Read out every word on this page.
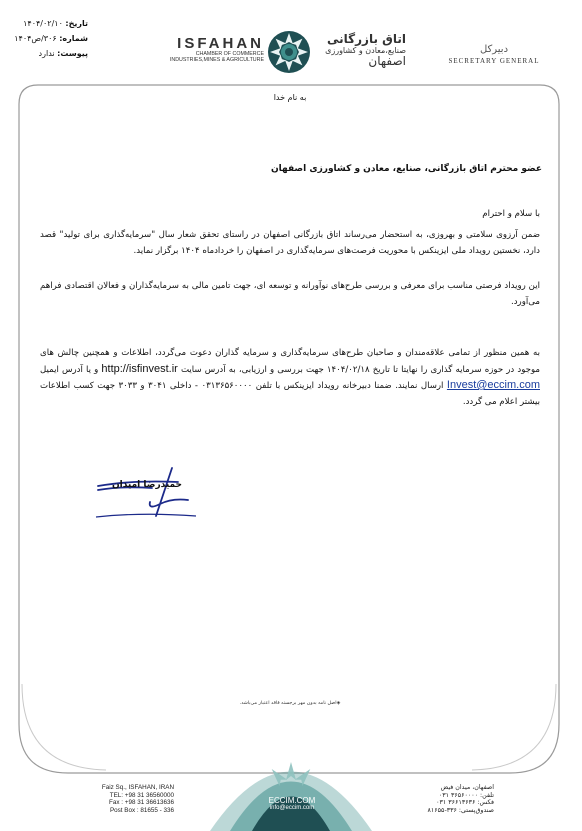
تاریخ: ۱۴۰۴/۰۲/۱۰
شماره: ۳۰۶/ص۱۴۰۴
پیوست: ندارد
ISFAHAN
CHAMBER OF COMMERCE
INDUSTRIES,MINES & AGRICULTURE
اتاق بازرگانی
صنایع،معادن و کشاورزی
اصفهان
دبیرکل
SECRETARY GENERAL
به نام خدا
عضو محترم اتاق بازرگانی، صنایع، معادن و کشاورزی اصفهان
با سلام و احترام
ضمن آرزوی سلامتی و بهروزی، به استحضار می‌رساند اتاق بازرگانی اصفهان در راستای تحقق شعار سال "سرمایه‌گذاری برای تولید" قصد دارد، نخستین رویداد ملی ایزینکس با محوریت فرصت‌های سرمایه‌گذاری در اصفهان را خردادماه ۱۴۰۴ برگزار نماید.
این رویداد فرصتی مناسب برای معرفی و بررسی طرح‌های نوآورانه و توسعه ای، جهت تامین مالی به سرمایه‌گذاران و فعالان اقتصادی فراهم می‌آورد.
به همین منظور از تمامی علاقه‌مندان و صاحبان طرح‌های سرمایه‌گذاری و سرمایه گذاران دعوت می‌گردد، اطلاعات و همچنین چالش های موجود در حوزه سرمایه گذاری را نهایتا تا تاریخ ۱۴۰۴/۰۲/۱۸ جهت بررسی و ارزیابی، به آدرس سایت http://isfinvest.ir و یا آدرس ایمیل Invest@eccim.com ارسال نمایند. ضمنا دبیرخانه رویداد ایزینکس با تلفن ۰۳۱۳۶۵۶۰۰۰۰ - داخلی ۳۰۴۱ و ۳۰۳۳ جهت کسب اطلاعات بیشتر اعلام می گردد.
حمیدرضا امیدان
◈اصل نامه بدون مهر برجسته فاقد اعتبار می‌باشد.
ECCIM.COM
info@eccim.com
Faiz Sq., ISFAHAN, IRAN
TEL: +98 31 36560000
Fax : +98 31 36613636
Post Box : 81655 - 336
اصفهان، میدان فیض
تلفن: ۳۶۵۶۰۰۰۰ ۰۳۱
فکس: ۳۶۶۱۳۶۳۶ ۰۳۱
صندوق‌پستی: ۳۳۶-۸۱۶۵۵
